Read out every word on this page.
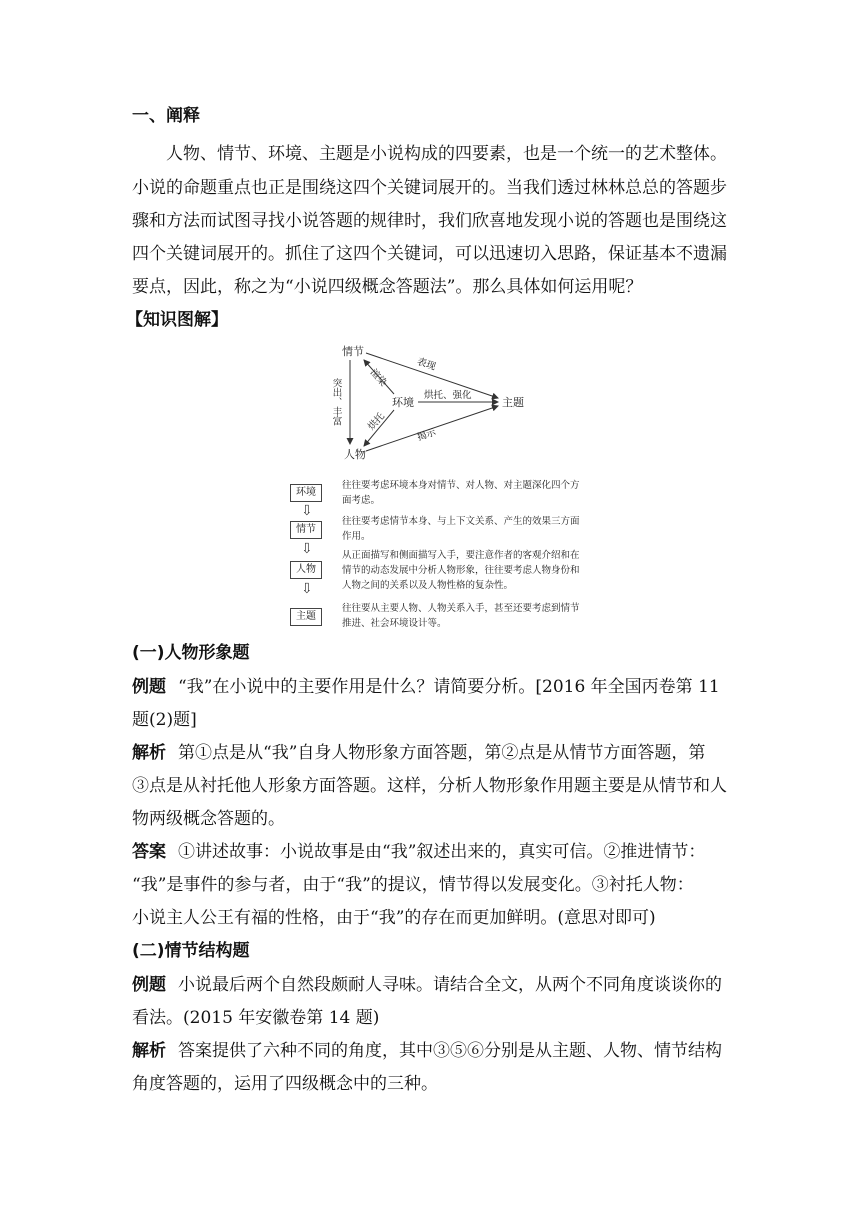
一、阐释
人物、情节、环境、主题是小说构成的四要素，也是一个统一的艺术整体。
小说的命题重点也正是围绕这四个关键词展开的。当我们透过林林总总的答题步
骤和方法而试图寻找小说答题的规律时，我们欣喜地发现小说的答题也是围绕这
四个关键词展开的。抓住了这四个关键词，可以迅速切入思路，保证基本不遗漏
要点，因此，称之为“小说四级概念答题法”。那么具体如何运用呢？
【知识图解】
情节
环境	主题
人物
表现
渲染
烘托、强化
烘托
揭示
突出、丰富
环境
往往要考虑环境本身对情节、对人物、对主题深化四个方面考虑。
⇩
情节
往往要考虑情节本身、与上下文关系、产生的效果三方面作用。
⇩
人物
从正面描写和侧面描写入手，要注意作者的客观介绍和在情节的动态发展中分析人物形象，往往要考虑人物身份和人物之间的关系以及人物性格的复杂性。
⇩
主题
往往要从主要人物、人物关系入手，甚至还要考虑到情节推进、社会环境设计等。
(一)人物形象题
例题 “我”在小说中的主要作用是什么？请简要分析。[2016 年全国丙卷第 11
题(2)题]
解析 第①点是从“我”自身人物形象方面答题，第②点是从情节方面答题，第
③点是从衬托他人形象方面答题。这样，分析人物形象作用题主要是从情节和人
物两级概念答题的。
答案 ①讲述故事：小说故事是由“我”叙述出来的，真实可信。②推进情节：
“我”是事件的参与者，由于“我”的提议，情节得以发展变化。③衬托人物：
小说主人公王有福的性格，由于“我”的存在而更加鲜明。(意思对即可)
(二)情节结构题
例题 小说最后两个自然段颇耐人寻味。请结合全文，从两个不同角度谈谈你的
看法。(2015 年安徽卷第 14 题)
解析 答案提供了六种不同的角度，其中③⑤⑥分别是从主题、人物、情节结构
角度答题的，运用了四级概念中的三种。
